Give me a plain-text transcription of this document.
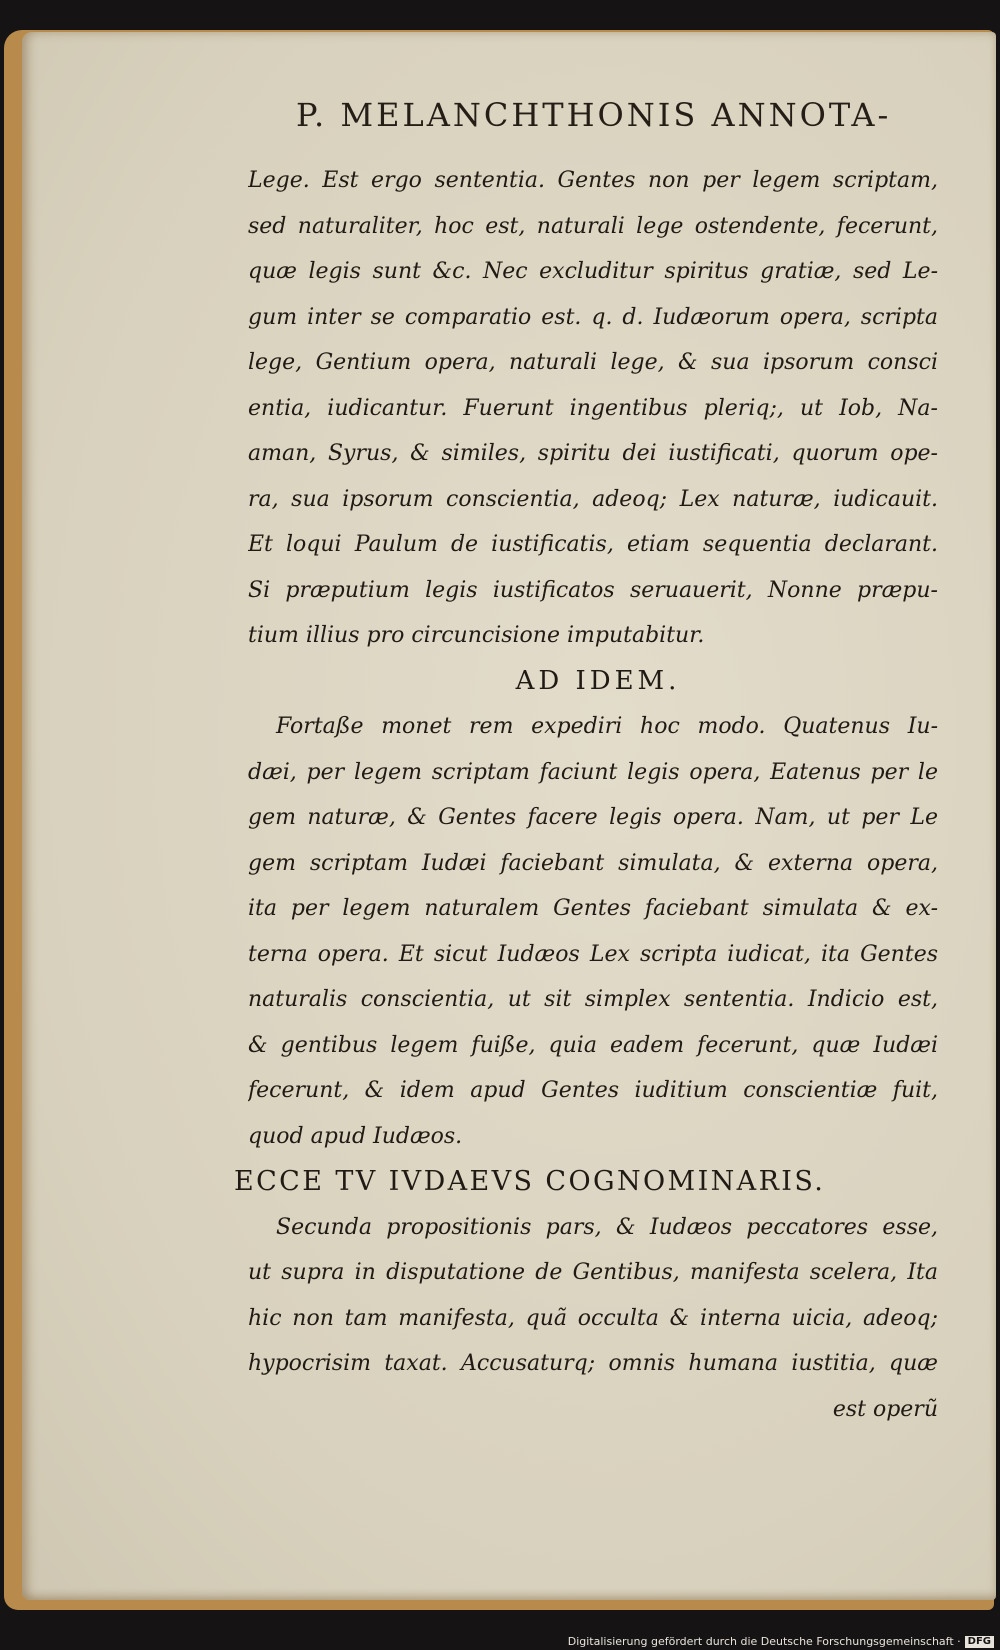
P. MELANCHTHONIS ANNOTA-
Lege. Est ergo sententia. Gentes non per legem scriptam,
sed naturaliter, hoc est, naturali lege ostendente, fecerunt,
quæ legis sunt &c. Nec excluditur spiritus gratiæ, sed Le-
gum inter se comparatio est. q. d. Iudæorum opera, scripta
lege, Gentium opera, naturali lege, & sua ipsorum consci
entia, iudicantur. Fuerunt ingentibus pleriq;, ut Iob, Na-
aman, Syrus, & similes, spiritu dei iustificati, quorum ope-
ra, sua ipsorum conscientia, adeoq; Lex naturæ, iudicauit.
Et loqui Paulum de iustificatis, etiam sequentia declarant.
Si præputium legis iustificatos seruauerit, Nonne præpu-
tium illius pro circuncisione imputabitur.
AD IDEM.
Fortaße monet rem expediri hoc modo. Quatenus Iu-
dæi, per legem scriptam faciunt legis opera, Eatenus per le
gem naturæ, & Gentes facere legis opera. Nam, ut per Le
gem scriptam Iudæi faciebant simulata, & externa opera,
ita per legem naturalem Gentes faciebant simulata & ex-
terna opera. Et sicut Iudæos Lex scripta iudicat, ita Gentes
naturalis conscientia, ut sit simplex sententia. Indicio est,
& gentibus legem fuiße, quia eadem fecerunt, quæ Iudæi
fecerunt, & idem apud Gentes iuditium conscientiæ fuit,
quod apud Iudæos.
ECCE TV IVDAEVS COGNOMINARIS.
Secunda propositionis pars, & Iudæos peccatores esse,
ut supra in disputatione de Gentibus, manifesta scelera, Ita
hic non tam manifesta, quã occulta & interna uicia, adeoq;
hypocrisim taxat. Accusaturq; omnis humana iustitia, quæ
est operũ
Digitalisierung gefördert durch die Deutsche Forschungsgemeinschaft · DFG
